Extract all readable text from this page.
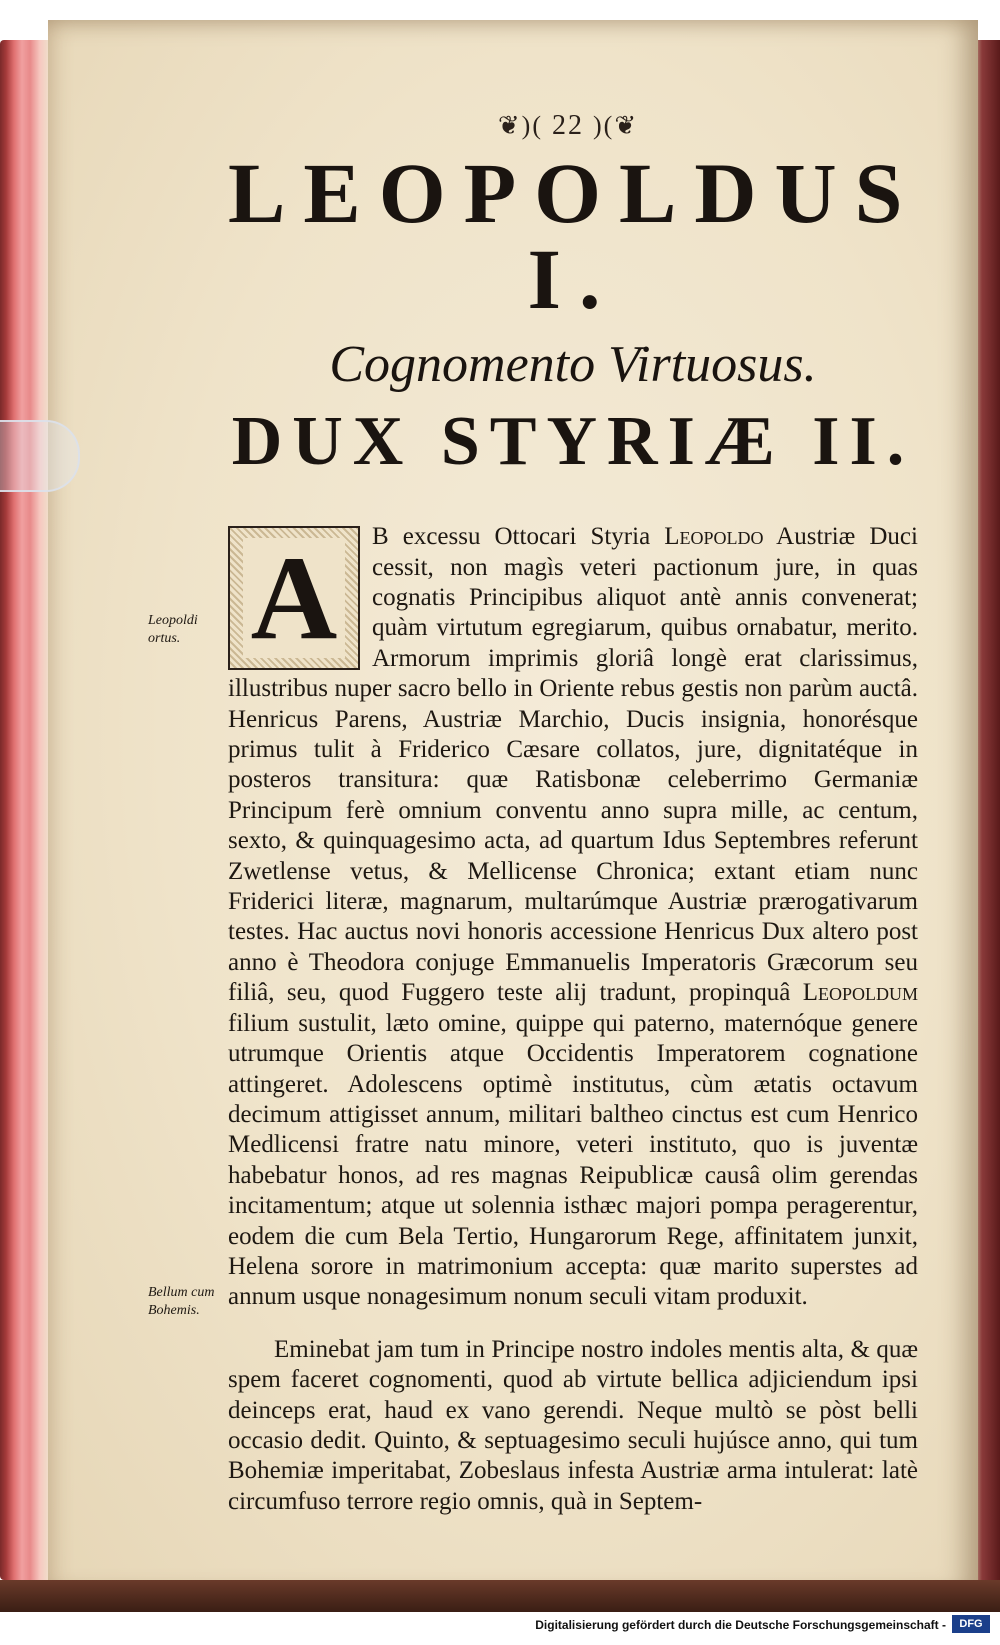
❦)( 22 )(❦
LEOPOLDUS I.
Cognomento Virtuosus.
DUX STYRIÆ II.
A	B excessu Ottocari Styria Leopoldo Austriæ Duci cessit, non magìs veteri pactionum jure, in quas cognatis Principibus aliquot antè annis convenerat; quàm virtutum egregiarum, quibus ornabatur, merito. Armorum imprimis gloriâ longè erat clarissimus, illustribus nuper sacro bello in Oriente rebus gestis non parùm auctâ. Henricus Parens, Austriæ Marchio, Ducis insignia, honorésque primus tulit à Friderico Cæsare collatos, jure, dignitatéque in posteros transitura: quæ Ratisbonæ celeberrimo Germaniæ Principum ferè omnium conventu anno supra mille, ac centum, sexto, & quinquagesimo acta, ad quartum Idus Septembres referunt Zwetlense vetus, & Mellicense Chronica; extant etiam nunc Friderici literæ, magnarum, multarúmque Austriæ prærogativarum testes. Hac auctus novi honoris accessione Henricus Dux altero post anno è Theodora conjuge Emmanuelis Imperatoris Græcorum seu filiâ, seu, quod Fuggero teste alij tradunt, propinquâ Leopoldum filium sustulit, læto omine, quippe qui paterno, maternóque genere utrumque Orientis atque Occidentis Imperatorem cognatione attingeret. Adolescens optimè institutus, cùm ætatis octavum decimum attigisset annum, militari baltheo cinctus est cum Henrico Medlicensi fratre natu minore, veteri instituto, quo is juventæ habebatur honos, ad res magnas Reipublicæ causâ olim gerendas incitamentum; atque ut solennia isthæc majori pompa peragerentur, eodem die cum Bela Tertio, Hungarorum Rege, affinitatem junxit, Helena sorore in matrimonium accepta: quæ marito superstes ad annum usque nonagesimum nonum seculi vitam produxit.

Eminebat jam tum in Principe nostro indoles mentis alta, & quæ spem faceret cognomenti, quod ab virtute bellica adjiciendum ipsi deinceps erat, haud ex vano gerendi. Neque multò se pòst belli occasio dedit. Quinto, & septuagesimo seculi hujúsce anno, qui tum Bohemiæ imperitabat, Zobeslaus infesta Austriæ arma intulerat: latè circumfuso terrore regio omnis, quà in Septem-

Leopoldi ortus.
Bellum cum Bohemis.
Digitalisierung gefördert durch die Deutsche Forschungsgemeinschaft -	DFG
